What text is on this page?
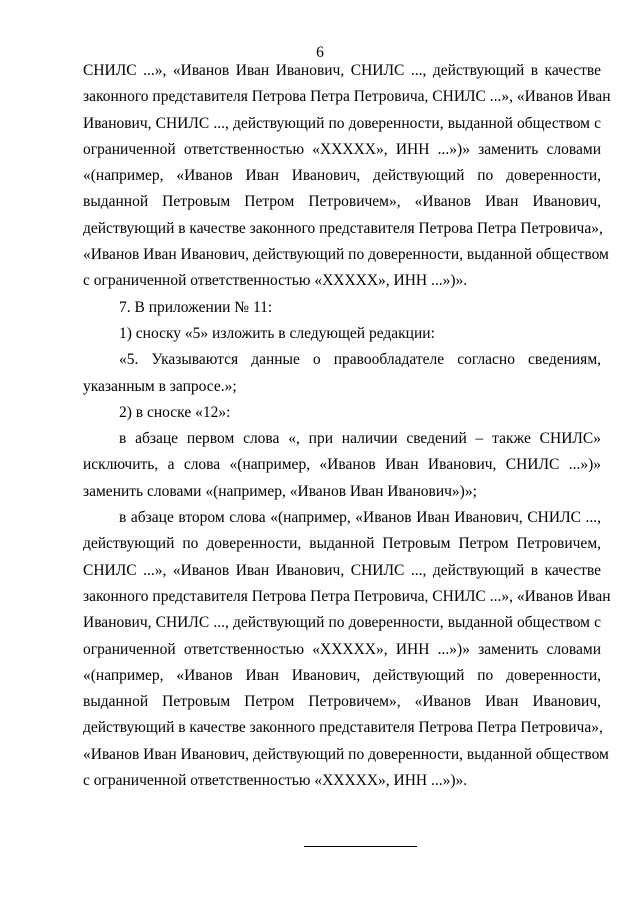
6
СНИЛС ...», «Иванов Иван Иванович, СНИЛС ..., действующий в качестве
законного представителя Петрова Петра Петровича, СНИЛС ...», «Иванов Иван
Иванович, СНИЛС ..., действующий по доверенности, выданной обществом с
ограниченной ответственностью «ХХХХХ», ИНН ...»)» заменить словами
«(например, «Иванов Иван Иванович, действующий по доверенности,
выданной Петровым Петром Петровичем», «Иванов Иван Иванович,
действующий в качестве законного представителя Петрова Петра Петровича»,
«Иванов Иван Иванович, действующий по доверенности, выданной обществом
с ограниченной ответственностью «ХХХХХ», ИНН ...»)».
7. В приложении № 11:
1) сноску «5» изложить в следующей редакции:
«5. Указываются данные о правообладателе согласно сведениям,
указанным в запросе.»;
2) в сноске «12»:
в абзаце первом слова «, при наличии сведений – также СНИЛС»
исключить, а слова «(например, «Иванов Иван Иванович, СНИЛС ...»)»
заменить словами «(например, «Иванов Иван Иванович»)»;
в абзаце втором слова «(например, «Иванов Иван Иванович, СНИЛС ...,
действующий по доверенности, выданной Петровым Петром Петровичем,
СНИЛС ...», «Иванов Иван Иванович, СНИЛС ..., действующий в качестве
законного представителя Петрова Петра Петровича, СНИЛС ...», «Иванов Иван
Иванович, СНИЛС ..., действующий по доверенности, выданной обществом с
ограниченной ответственностью «ХХХХХ», ИНН ...»)» заменить словами
«(например, «Иванов Иван Иванович, действующий по доверенности,
выданной Петровым Петром Петровичем», «Иванов Иван Иванович,
действующий в качестве законного представителя Петрова Петра Петровича»,
«Иванов Иван Иванович, действующий по доверенности, выданной обществом
с ограниченной ответственностью «ХХХХХ», ИНН ...»)».
